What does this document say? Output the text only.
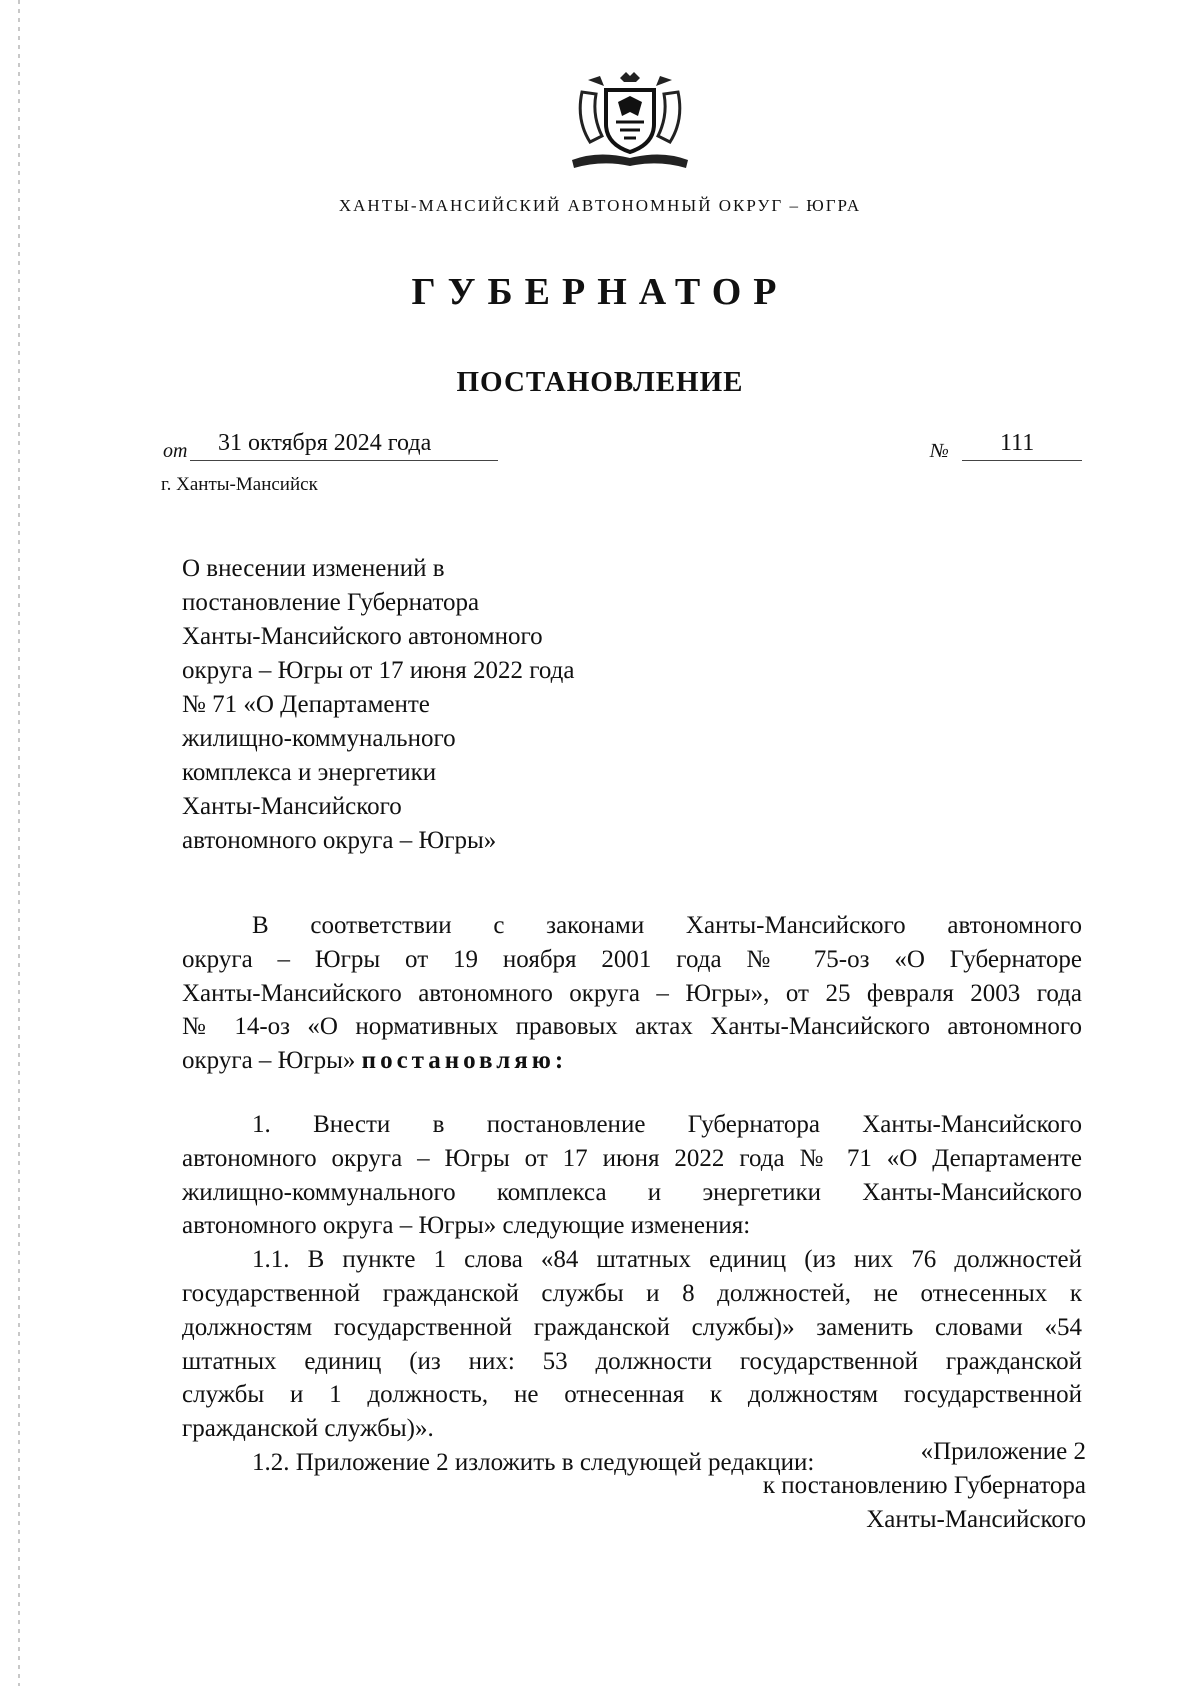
ХАНТЫ-МАНСИЙСКИЙ АВТОНОМНЫЙ ОКРУГ – ЮГРА
ГУБЕРНАТОР
ПОСТАНОВЛЕНИЕ
от 31 октября 2024 года	№ 111
г. Ханты-Мансийск
О внесении изменений в
постановление Губернатора
Ханты-Мансийского автономного
округа – Югры от 17 июня 2022 года
№ 71 «О Департаменте
жилищно-коммунального
комплекса и энергетики
Ханты-Мансийского
автономного округа – Югры»
В соответствии с законами Ханты-Мансийского автономного
округа – Югры от 19 ноября 2001 года № 75-оз «О Губернаторе
Ханты-Мансийского автономного округа – Югры», от 25 февраля 2003 года
№ 14-оз «О нормативных правовых актах Ханты-Мансийского автономного
округа – Югры» постановляю:
1. Внести в постановление Губернатора Ханты-Мансийского
автономного округа – Югры от 17 июня 2022 года № 71 «О Департаменте
жилищно-коммунального комплекса и энергетики Ханты-Мансийского
автономного округа – Югры» следующие изменения:
1.1. В пункте 1 слова «84 штатных единиц (из них 76 должностей
государственной гражданской службы и 8 должностей, не отнесенных к
должностям государственной гражданской службы)» заменить словами «54
штатных единиц (из них: 53 должности государственной гражданской
службы и 1 должность, не отнесенная к должностям государственной
гражданской службы)».
1.2. Приложение 2 изложить в следующей редакции:	«Приложение 2
к постановлению Губернатора
Ханты-Мансийского
